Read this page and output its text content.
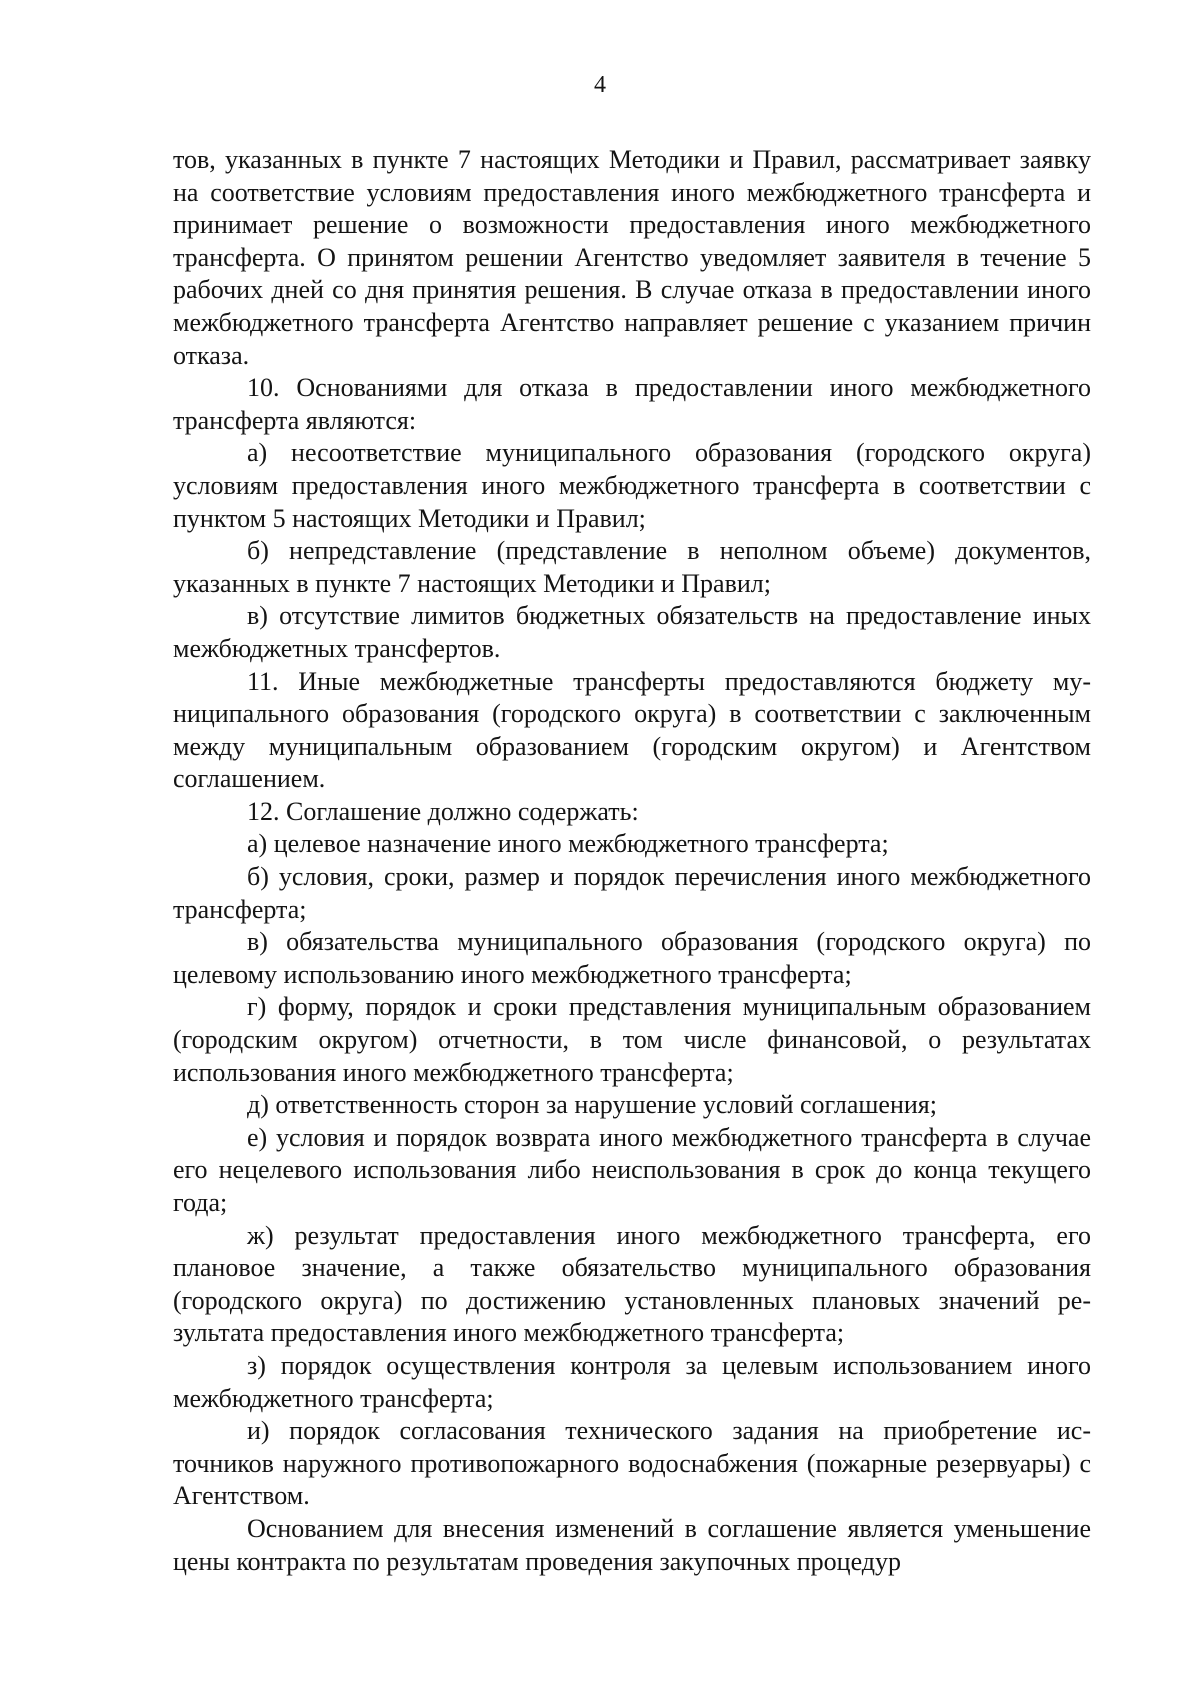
4

тов, указанных в пункте 7 настоящих Методики и Правил, рассматривает заявку на соответствие условиям предоставления иного межбюджетного трансферта и принимает решение о возможности предоставления иного межбюджетного трансферта. О принятом решении Агентство уведомляет заявителя в течение 5 рабочих дней со дня принятия решения. В случае отказа в предоставлении иного межбюджетного трансферта Агентство направляет решение с указанием причин отказа.

10. Основаниями для отказа в предоставлении иного межбюджетного трансферта являются:

а) несоответствие муниципального образования (городского округа) условиям предоставления иного межбюджетного трансферта в соответствии с пунктом 5 настоящих Методики и Правил;

б) непредставление (представление в неполном объеме) документов, указанных в пункте 7 настоящих Методики и Правил;

в) отсутствие лимитов бюджетных обязательств на предоставление иных межбюджетных трансфертов.

11. Иные межбюджетные трансферты предоставляются бюджету муниципального образования (городского округа) в соответствии с заключенным между муниципальным образованием (городским округом) и Агентством соглашением.

12. Соглашение должно содержать:

а) целевое назначение иного межбюджетного трансферта;

б) условия, сроки, размер и порядок перечисления иного межбюджетного трансферта;

в) обязательства муниципального образования (городского округа) по целевому использованию иного межбюджетного трансферта;

г) форму, порядок и сроки представления муниципальным образованием (городским округом) отчетности, в том числе финансовой, о результатах использования иного межбюджетного трансферта;

д) ответственность сторон за нарушение условий соглашения;

е) условия и порядок возврата иного межбюджетного трансферта в случае его нецелевого использования либо неиспользования в срок до конца текущего года;

ж) результат предоставления иного межбюджетного трансферта, его плановое значение, а также обязательство муниципального образования (городского округа) по достижению установленных плановых значений результата предоставления иного межбюджетного трансферта;

з) порядок осуществления контроля за целевым использованием иного межбюджетного трансферта;

и) порядок согласования технического задания на приобретение источников наружного противопожарного водоснабжения (пожарные резервуары) с Агентством.

Основанием для внесения изменений в соглашение является уменьшение цены контракта по результатам проведения закупочных процедур
